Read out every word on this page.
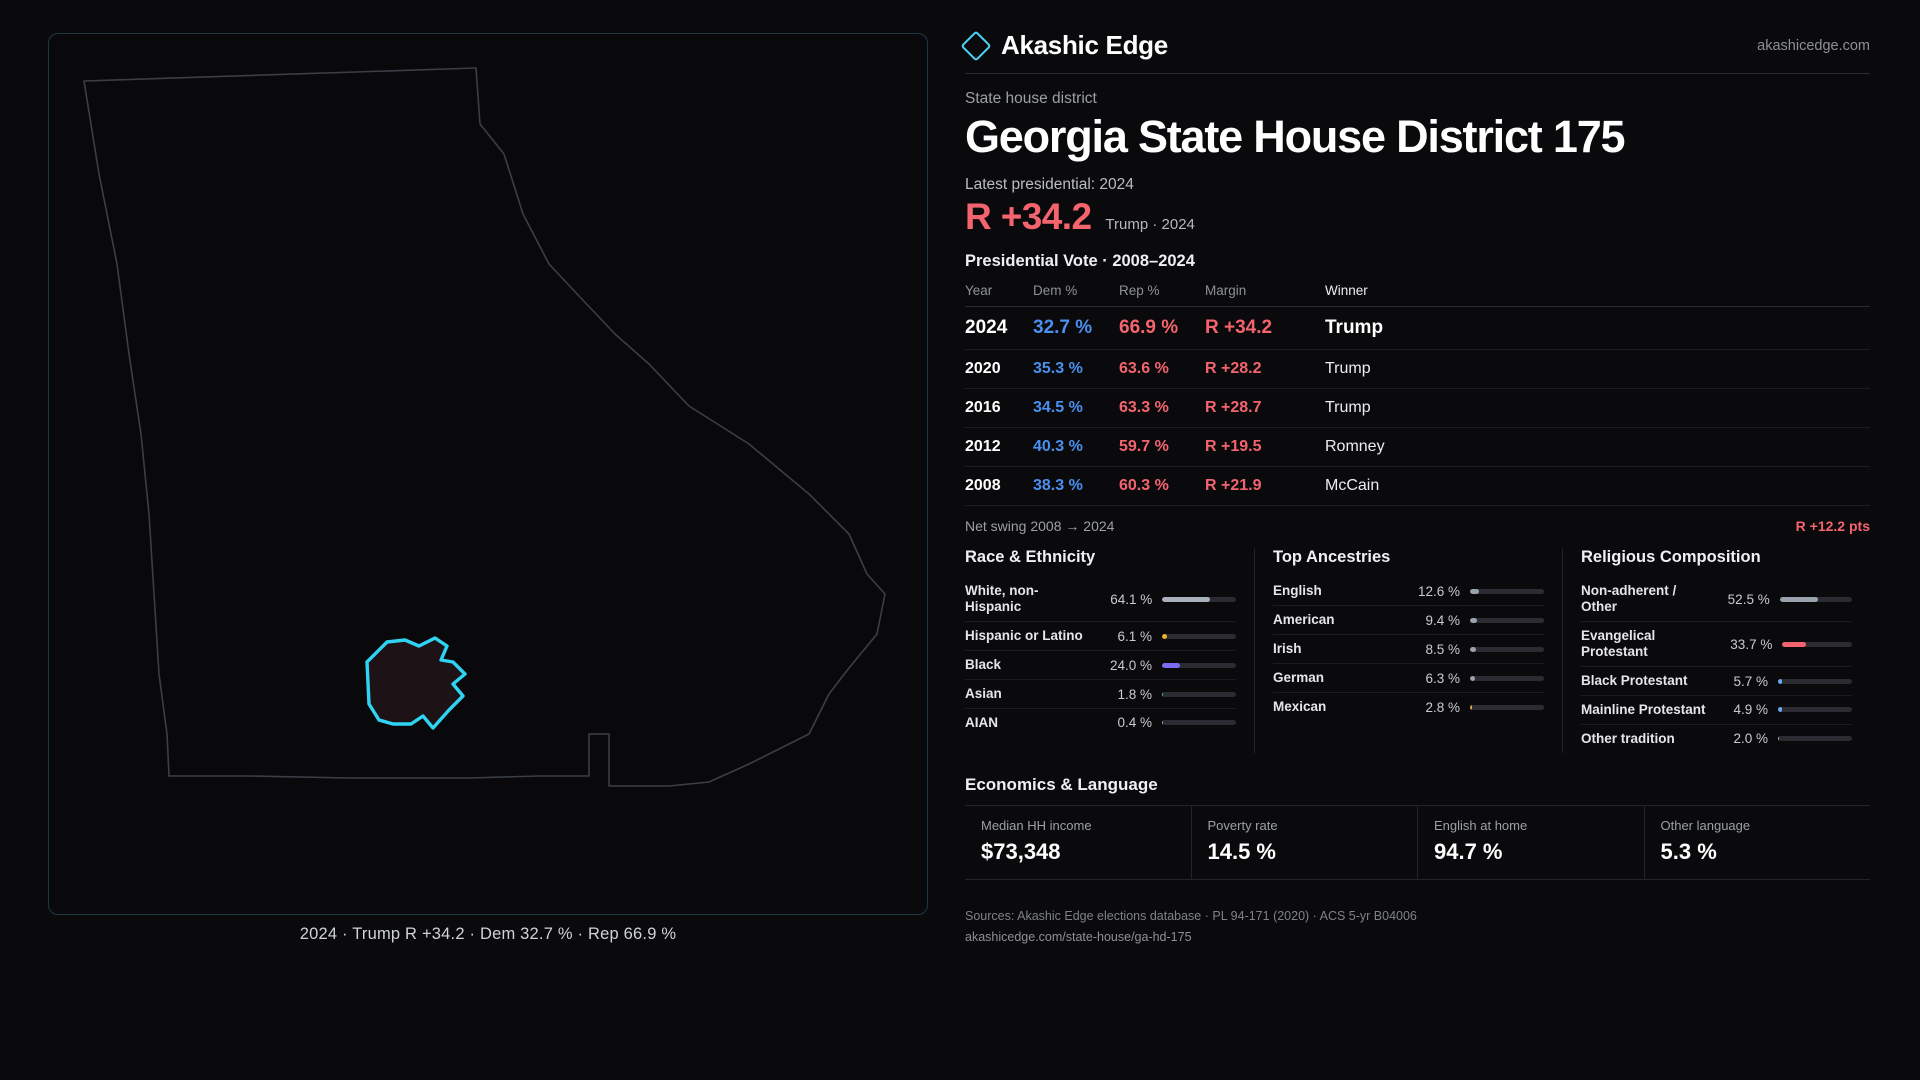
2024 · Trump R +34.2 · Dem 32.7 % · Rep 66.9 %
Akashic Edge	akashicedge.com
State house district
Georgia State House District 175
Latest presidential: 2024
R +34.2 Trump · 2024
Presidential Vote · 2008–2024
Year	Dem %	Rep %	Margin	Winner
2024	32.7 %	66.9 %	R +34.2	Trump
2020	35.3 %	63.6 %	R +28.2	Trump
2016	34.5 %	63.3 %	R +28.7	Trump
2012	40.3 %	59.7 %	R +19.5	Romney
2008	38.3 %	60.3 %	R +21.9	McCain
Net swing 2008 → 2024	R +12.2 pts
Race & Ethnicity
White, non-Hispanic	64.1 %
Hispanic or Latino	6.1 %
Black	24.0 %
Asian	1.8 %
AIAN	0.4 %
Top Ancestries
English	12.6 %
American	9.4 %
Irish	8.5 %
German	6.3 %
Mexican	2.8 %
Religious Composition
Non-adherent / Other	52.5 %
Evangelical Protestant	33.7 %
Black Protestant	5.7 %
Mainline Protestant	4.9 %
Other tradition	2.0 %
Economics & Language
Median HH income
$73,348
Poverty rate
14.5 %
English at home
94.7 %
Other language
5.3 %
Sources: Akashic Edge elections database · PL 94-171 (2020) · ACS 5-yr B04006
akashicedge.com/state-house/ga-hd-175
